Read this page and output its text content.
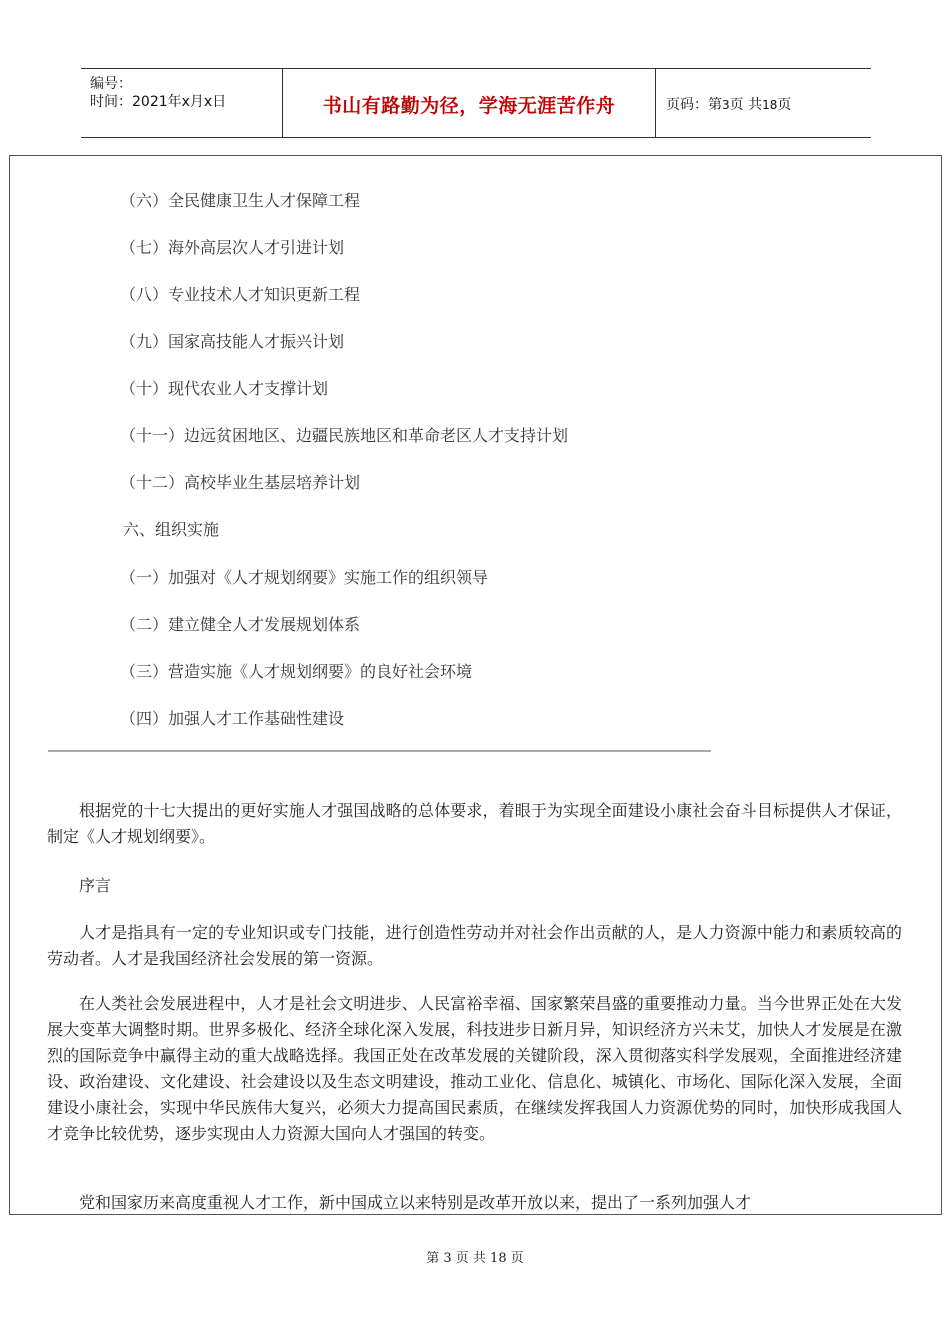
编号：
时间：2021年x月x日	书山有路勤为径，学海无涯苦作舟	页码：第3页 共18页
（六）全民健康卫生人才保障工程
（七）海外高层次人才引进计划
（八）专业技术人才知识更新工程
（九）国家高技能人才振兴计划
（十）现代农业人才支撑计划
（十一）边远贫困地区、边疆民族地区和革命老区人才支持计划
（十二）高校毕业生基层培养计划
六、组织实施
（一）加强对《人才规划纲要》实施工作的组织领导
（二）建立健全人才发展规划体系
（三）营造实施《人才规划纲要》的良好社会环境
（四）加强人才工作基础性建设
根据党的十七大提出的更好实施人才强国战略的总体要求，着眼于为实现全面建设小康社会奋斗目标提供人才保证，制定《人才规划纲要》。
序言
人才是指具有一定的专业知识或专门技能，进行创造性劳动并对社会作出贡献的人，是人力资源中能力和素质较高的劳动者。人才是我国经济社会发展的第一资源。
在人类社会发展进程中，人才是社会文明进步、人民富裕幸福、国家繁荣昌盛的重要推动力量。当今世界正处在大发展大变革大调整时期。世界多极化、经济全球化深入发展，科技进步日新月异，知识经济方兴未艾，加快人才发展是在激烈的国际竞争中赢得主动的重大战略选择。我国正处在改革发展的关键阶段，深入贯彻落实科学发展观，全面推进经济建设、政治建设、文化建设、社会建设以及生态文明建设，推动工业化、信息化、城镇化、市场化、国际化深入发展，全面建设小康社会，实现中华民族伟大复兴，必须大力提高国民素质，在继续发挥我国人力资源优势的同时，加快形成我国人才竞争比较优势，逐步实现由人力资源大国向人才强国的转变。
党和国家历来高度重视人才工作，新中国成立以来特别是改革开放以来，提出了一系列加强人才
第 3 页 共 18 页
